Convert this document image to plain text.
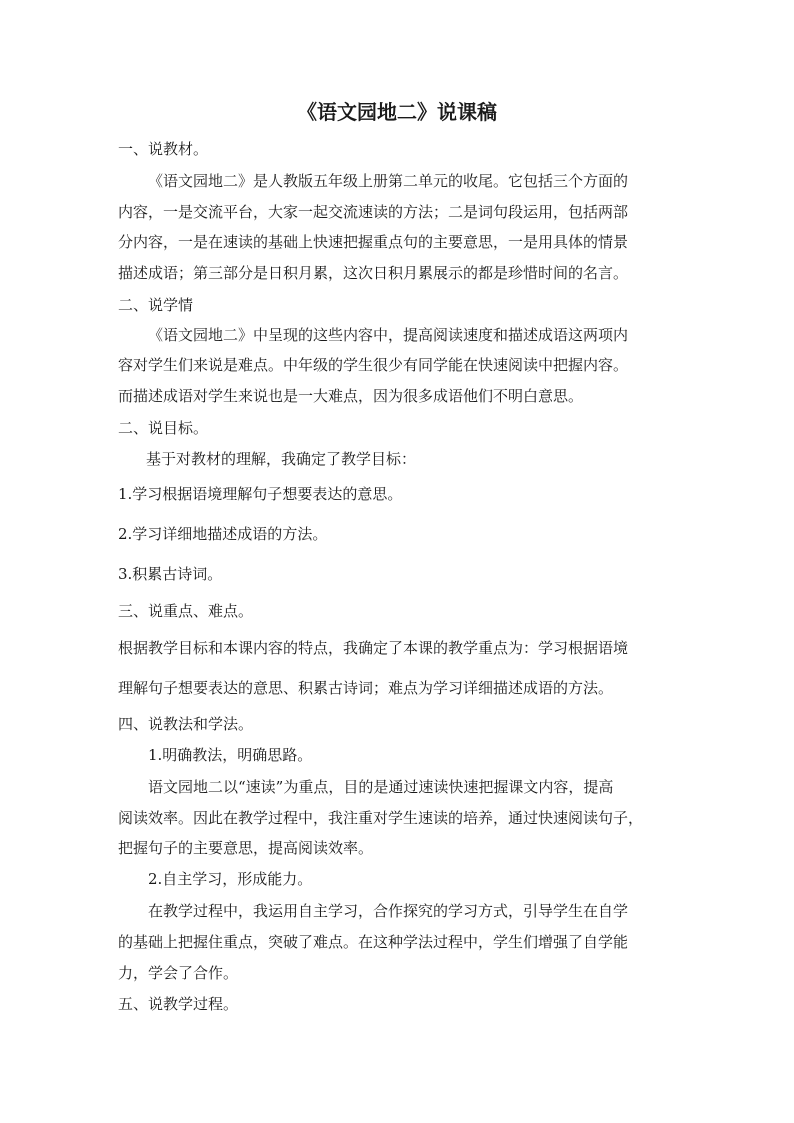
《语文园地二》说课稿

一、说教材。

《语文园地二》是人教版五年级上册第二单元的收尾。它包括三个方面的

内容，一是交流平台，大家一起交流速读的方法；二是词句段运用，包括两部

分内容，一是在速读的基础上快速把握重点句的主要意思，一是用具体的情景

描述成语；第三部分是日积月累，这次日积月累展示的都是珍惜时间的名言。

二、说学情

《语文园地二》中呈现的这些内容中，提高阅读速度和描述成语这两项内

容对学生们来说是难点。中年级的学生很少有同学能在快速阅读中把握内容。

而描述成语对学生来说也是一大难点，因为很多成语他们不明白意思。

二、说目标。

基于对教材的理解，我确定了教学目标：

1.学习根据语境理解句子想要表达的意思。

2.学习详细地描述成语的方法。

3.积累古诗词。

三、说重点、难点。

根据教学目标和本课内容的特点，我确定了本课的教学重点为：学习根据语境

理解句子想要表达的意思、积累古诗词；难点为学习详细描述成语的方法。

四、说教法和学法。

1.明确教法，明确思路。

语文园地二以“速读”为重点，目的是通过速读快速把握课文内容，提高

阅读效率。因此在教学过程中，我注重对学生速读的培养，通过快速阅读句子，

把握句子的主要意思，提高阅读效率。

2.自主学习，形成能力。

在教学过程中，我运用自主学习，合作探究的学习方式，引导学生在自学

的基础上把握住重点，突破了难点。在这种学法过程中，学生们增强了自学能

力，学会了合作。

五、说教学过程。
